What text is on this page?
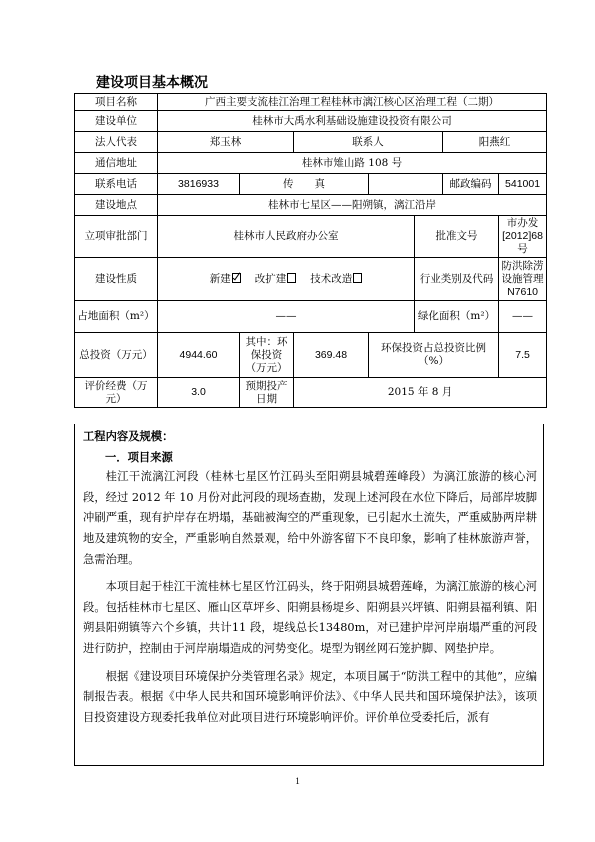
建设项目基本概况
项目名称	广西主要支流桂江治理工程桂林市漓江核心区治理工程（二期）						
建设单位	桂林市大禹水利基础设施建设投资有限公司						
法人代表	郑玉林		联系人			阳燕红	
通信地址	桂林市雉山路 108 号						
联系电话	3816933	传　　真				邮政编码	541001
建设地点	桂林市七星区——阳朔镇，漓江沿岸						
立项审批部门	桂林市人民政府办公室				批准文号		市办发[2012]68号
建设性质	新建 改扩建 技术改造				行业类别及代码		防洪除涝设施管理 N7610
占地面积（m²）	——				绿化面积（m²）		——
总投资（万元）	4944.60	其中：环保投资（万元）	369.48	环保投资占总投资比例（%）			7.5
评价经费（万元）	3.0	预期投产日期	2015 年 8 月				
工程内容及规模：
一．项目来源

桂江干流漓江河段（桂林七星区竹江码头至阳朔县城碧莲峰段）为漓江旅游的核心河段，经过 2012 年 10 月份对此河段的现场查勘，发现上述河段在水位下降后，局部岸坡脚冲刷严重，现有护岸存在坍塌，基础被淘空的严重现象，已引起水土流失，严重威胁两岸耕地及建筑物的安全，严重影响自然景观，给中外游客留下不良印象，影响了桂林旅游声誉，急需治理。

本项目起于桂江干流桂林七星区竹江码头，终于阳朔县城碧莲峰，为漓江旅游的核心河段。包括桂林市七星区、雁山区草坪乡、阳朔县杨堤乡、阳朔县兴坪镇、阳朔县福利镇、阳朔县阳朔镇等六个乡镇，共计11 段，堤线总长13480m，对已建护岸河岸崩塌严重的河段进行防护，控制由于河岸崩塌造成的河势变化。堤型为钢丝网石笼护脚、网垫护岸。

根据《建设项目环境保护分类管理名录》规定，本项目属于“防洪工程中的其他”，应编制报告表。根据《中华人民共和国环境影响评价法》、《中华人民共和国环境保护法》，该项目投资建设方现委托我单位对此项目进行环境影响评价。评价单位受委托后，派有

1
